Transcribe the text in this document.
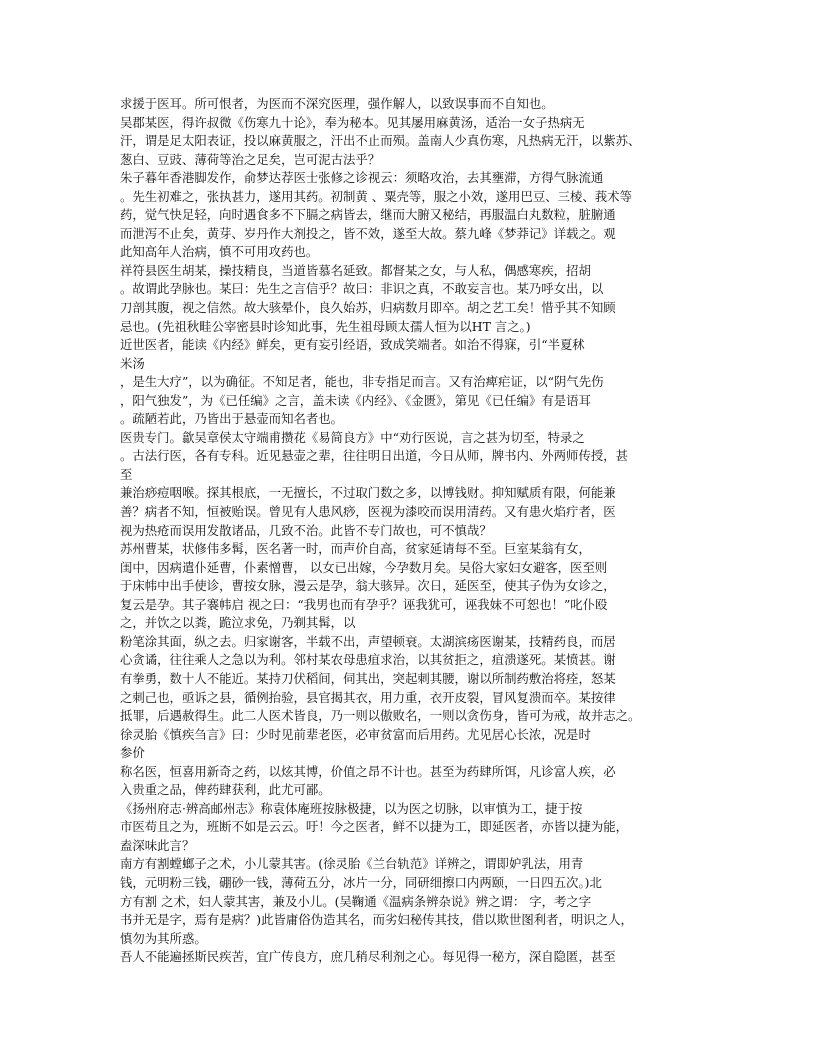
求援于医耳。所可恨者，为医而不深究医理，强作解人，以致误事而不自知也。
吴郡某医，得许叔微《伤寒九十论》，奉为秘本。见其屡用麻黄汤，适治一女子热病无
汗，谓是足太阳表证，投以麻黄服之，汗出不止而殒。盖南人少真伤寒，凡热病无汗，以紫苏、
葱白、豆豉、薄荷等治之足矣，岂可泥古法乎？
朱子暮年香港脚发作，俞梦达荐医士张修之诊视云：须略攻治，去其壅滞，方得气脉流通
。先生初难之，张执甚力，遂用其药。初制黄 、粟壳等，服之小效，遂用巴豆、三棱、莪术等
药，觉气快足轻，向时遇食多不下膈之病皆去，继而大腑又秘结，再服温白丸数粒，脏腑通
而泄泻不止矣，黄芽、岁丹作大剂投之，皆不效，遂至大故。蔡九峰《梦莽记》详载之。观
此知高年人治病，慎不可用攻药也。
祥符县医生胡某，操技精良，当道皆慕名延致。都督某之女，与人私，偶感寒疾，招胡
。故谓此孕脉也。某曰：先生之言信乎？故曰：非识之真，不敢妄言也。某乃呼女出，以
刀剖其腹，视之信然。故大骇晕仆，良久始苏，归病数月即卒。胡之艺工矣！惜乎其不知顾
忌也。(先祖秋畦公宰密县时诊知此事，先生祖母顾太孺人恒为以HT 言之。)
近世医者，能读《内经》鲜矣，更有妄引经语，致成笑端者。如治不得寐，引“半夏秫
米汤
，是生大疗”，以为确征。不知足者，能也，非专指足而言。又有治痺疟证，以“阴气先伤
，阳气独发”，为《已任编》之言，盖未读《内经》、《金匮》，第见《已任编》有是语耳
。疏陋若此，乃皆出于悬壶而知名者也。
医贵专门。歙吴章侯太守端甫攒花《易简良方》中“劝行医说，言之甚为切至，特录之
。古法行医，各有专科。近见悬壶之辈，往往明日出道，今日从师，牌书内、外两师传授，甚
至
兼治痧痘咽喉。探其根底，一无擅长，不过取门数之多，以博钱财。抑知赋质有限，何能兼
善？病者不知，恒被贻误。曾见有人患风痧，医视为漆咬而误用清药。又有患火焰疔者，医
视为热疮而误用发散诸品，几致不治。此皆不专门故也，可不慎哉？
苏州曹某，状修伟多髯，医名著一时，而声价自高，贫家延请每不至。巨室某翁有女，
闺中，因病遣仆延曹，仆素憎曹， 以女已出嫁，今孕数月矣。吴俗大家妇女避客，医至则
于床帏中出手使诊，曹按女脉，漫云是孕，翁大骇异。次日，延医至，使其子伪为女诊之，
复云是孕。其子褰帏启 视之曰：“我男也而有孕乎？诬我犹可，诬我妹不可恕也！”叱仆殴
之，并饮之以粪，跪泣求免，乃剃其髯，以
粉笔涂其面，纵之去。归家谢客，半载不出，声望顿衰。太湖滨疡医谢某，技精药良，而居
心贪谲，往往乘人之急以为利。邻村某农母患疽求治，以其贫拒之，疽溃遂死。某愤甚。谢
有拳勇，数十人不能近。某持刀伏稻间，伺其出，突起刺其腰，谢以所制药敷治将痊，怒某
之刺己也，亟诉之县，循例抬验，县官揭其衣，用力重，衣开皮裂，冒风复溃而卒。某按律
抵罪，后遇赦得生。此二人医术皆良，乃一则以傲败名，一则以贪伤身，皆可为戒，故并志之。
徐灵胎《慎疾刍言》曰：少时见前辈老医，必审贫富而后用药。尤见居心长浓，况是时
参价
称名医，恒喜用新奇之药，以炫其博，价值之昂不计也。甚至为药肆所饵，凡诊富人疾，必
入贵重之品，俾药肆获利，此尤可鄙。
《扬州府志·辨高邮州志》称袁体庵班按脉极捷，以为医之切脉，以审慎为工，捷于按
市医苟且之为，班断不如是云云。吁！今之医者，鲜不以捷为工，即延医者，亦皆以捷为能，
盍深味此言？
南方有割螳螂子之术，小儿蒙其害。(徐灵胎《兰台轨范》详辨之，谓即妒乳法，用青
钱，元明粉三钱，硼砂一钱，薄荷五分，冰片一分，同研细擦口内两颐，一日四五次。)北
方有割 之术，妇人蒙其害，兼及小儿。(吴鞠通《温病条辨杂说》辨之谓： 字，考之字
书并无是字，焉有是病？)此皆庸俗伪造其名，而劣妇秘传其技，借以欺世图利者，明识之人，
慎勿为其所惑。
吾人不能遍拯斯民疾苦，宜广传良方，庶几稍尽利剂之心。每见得一秘方，深自隐匿，甚至
